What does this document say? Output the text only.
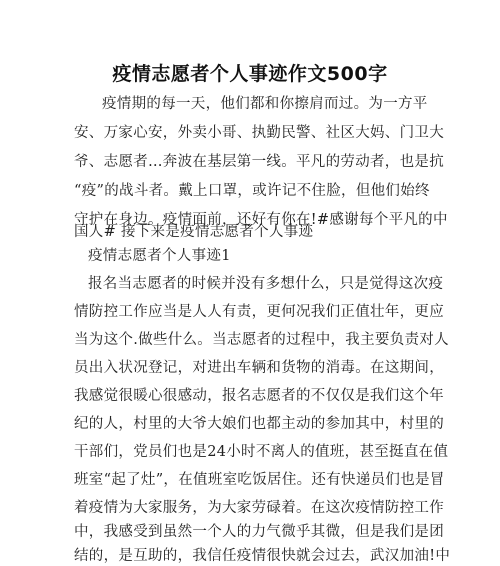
疫情志愿者个人事迹作文500字
疫情期的每一天，他们都和你擦肩而过。为一方平
安、万家心安，外卖小哥、执勤民警、社区大妈、门卫大
爷、志愿者…奔波在基层第一线。平凡的劳动者，也是抗
“疫”的战斗者。戴上口罩，或许记不住脸，但他们始终
守护在身边。疫情面前，还好有你在!#感谢每个平凡的中
国人# 接下来是疫情志愿者个人事迹
疫情志愿者个人事迹1
报名当志愿者的时候并没有多想什么，只是觉得这次疫
情防控工作应当是人人有责，更何况我们正值壮年，更应
当为这个.做些什么。当志愿者的过程中，我主要负责对人
员出入状况登记，对进出车辆和货物的消毒。在这期间，
我感觉很暖心很感动，报名志愿者的不仅仅是我们这个年
纪的人，村里的大爷大娘们也都主动的参加其中，村里的
干部们，党员们也是24小时不离人的值班，甚至挺直在值
班室“起了灶”，在值班室吃饭居住。还有快递员们也是冒
着疫情为大家服务，为大家劳碌着。在这次疫情防控工作
中，我感受到虽然一个人的力气微乎其微，但是我们是团
结的，是互助的，我信任疫情很快就会过去，武汉加油!中
